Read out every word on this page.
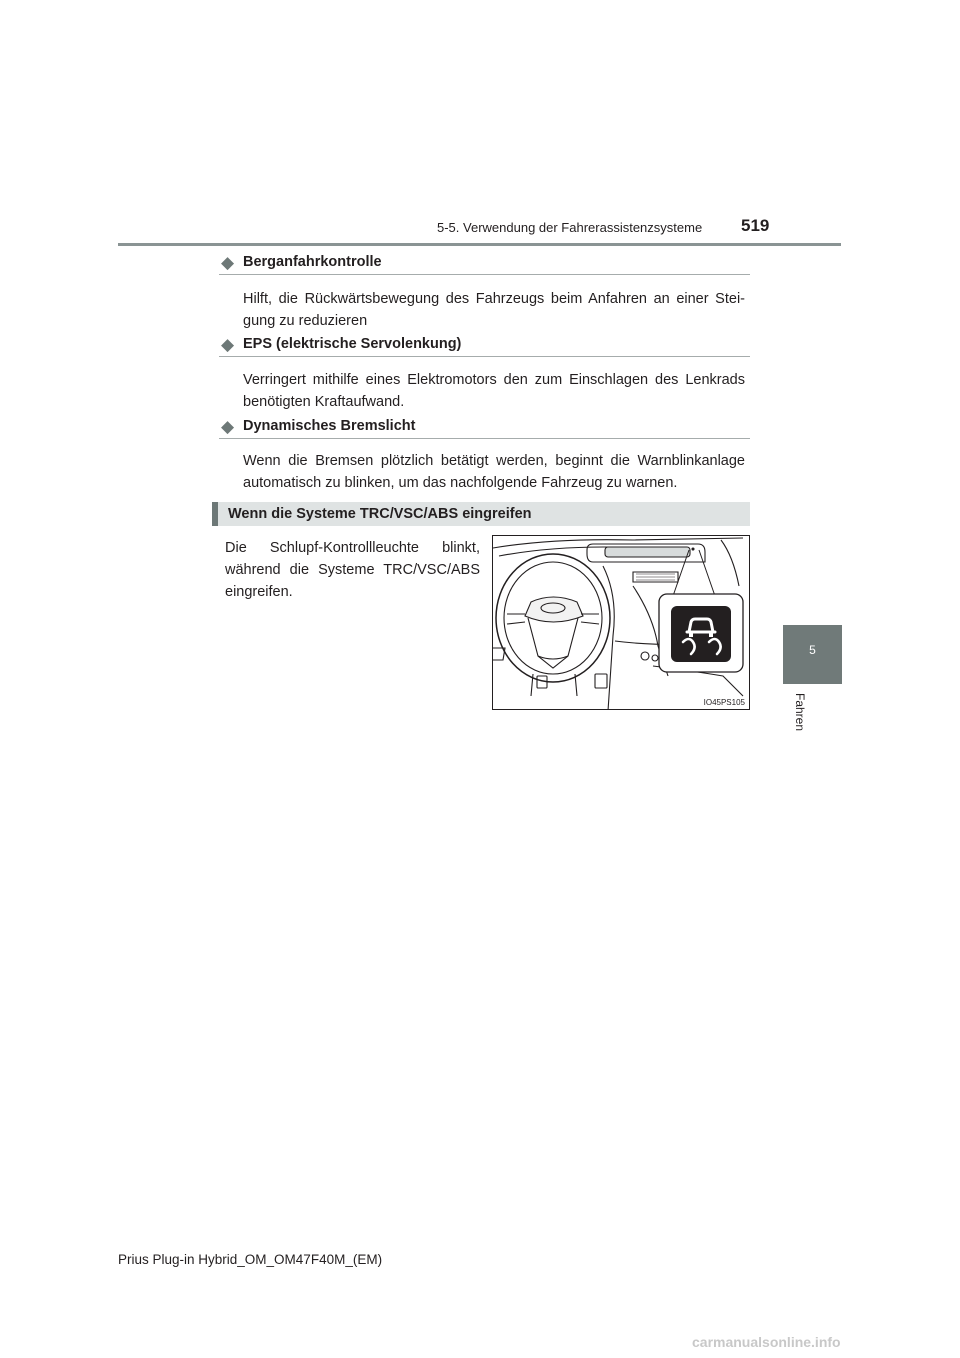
5-5. Verwendung der Fahrerassistenzsysteme 519
5
Fahren
◆ Berganfahrkontrolle
Hilft, die Rückwärtsbewegung des Fahrzeugs beim Anfahren an einer Stei-gung zu reduzieren
◆ EPS (elektrische Servolenkung)
Verringert mithilfe eines Elektromotors den zum Einschlagen des Lenkrads benötigten Kraftaufwand.
◆ Dynamisches Bremslicht
Wenn die Bremsen plötzlich betätigt werden, beginnt die Warnblinkanlage automatisch zu blinken, um das nachfolgende Fahrzeug zu warnen.
Wenn die Systeme TRC/VSC/ABS eingreifen
Die Schlupf-Kontrollleuchte blinkt, während die Systeme TRC/VSC/ABS eingreifen.
IO45PS105
Prius Plug-in Hybrid_OM_OM47F40M_(EM)
carmanualsonline.info
